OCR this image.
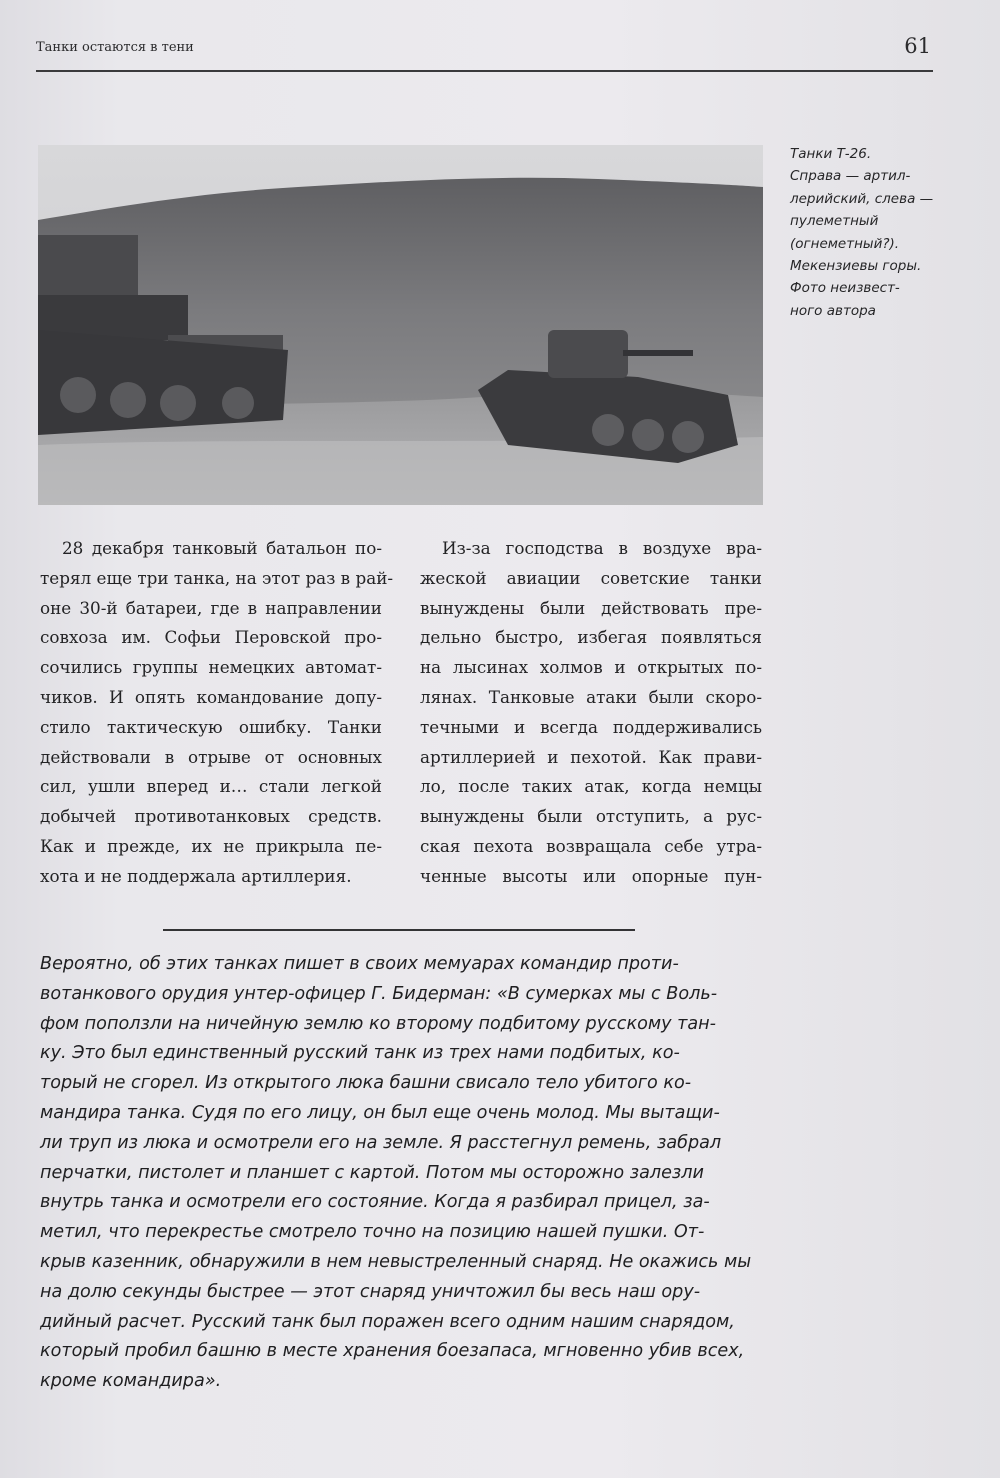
Танки остаются в тени	61
Танки Т-26.
Справа — артил-
лерийский, слева —
пулеметный
(огнеметный?).
Мекензиевы горы.
Фото неизвест-
ного автора
28 декабря танковый батальон по-
терял еще три танка, на этот раз в рай-
оне 30-й батареи, где в направлении
совхоза им. Софьи Перовской про-
сочились группы немецких автомат-
чиков. И опять командование допу-
стило тактическую ошибку. Танки
действовали в отрыве от основных
сил, ушли вперед и… стали легкой
добычей противотанковых средств.
Как и прежде, их не прикрыла пе-
хота и не поддержала артиллерия.
Из-за господства в воздухе вра-
жеской авиации советские танки
вынуждены были действовать пре-
дельно быстро, избегая появляться
на лысинах холмов и открытых по-
лянах. Танковые атаки были скоро-
течными и всегда поддерживались
артиллерией и пехотой. Как прави-
ло, после таких атак, когда немцы
вынуждены были отступить, а рус-
ская пехота возвращала себе утра-
ченные высоты или опорные пун-
Вероятно, об этих танках пишет в своих мемуарах командир проти-
вотанкового орудия унтер-офицер Г. Бидерман: «В сумерках мы с Воль-
фом поползли на ничейную землю ко второму подбитому русскому тан-
ку. Это был единственный русский танк из трех нами подбитых, ко-
торый не сгорел. Из открытого люка башни свисало тело убитого ко-
мандира танка. Судя по его лицу, он был еще очень молод. Мы вытащи-
ли труп из люка и осмотрели его на земле. Я расстегнул ремень, забрал
перчатки, пистолет и планшет с картой. Потом мы осторожно залезли
внутрь танка и осмотрели его состояние. Когда я разбирал прицел, за-
метил, что перекрестье смотрело точно на позицию нашей пушки. От-
крыв казенник, обнаружили в нем невыстреленный снаряд. Не окажись мы
на долю секунды быстрее — этот снаряд уничтожил бы весь наш ору-
дийный расчет. Русский танк был поражен всего одним нашим снарядом,
который пробил башню в месте хранения боезапаса, мгновенно убив всех,
кроме командира».
